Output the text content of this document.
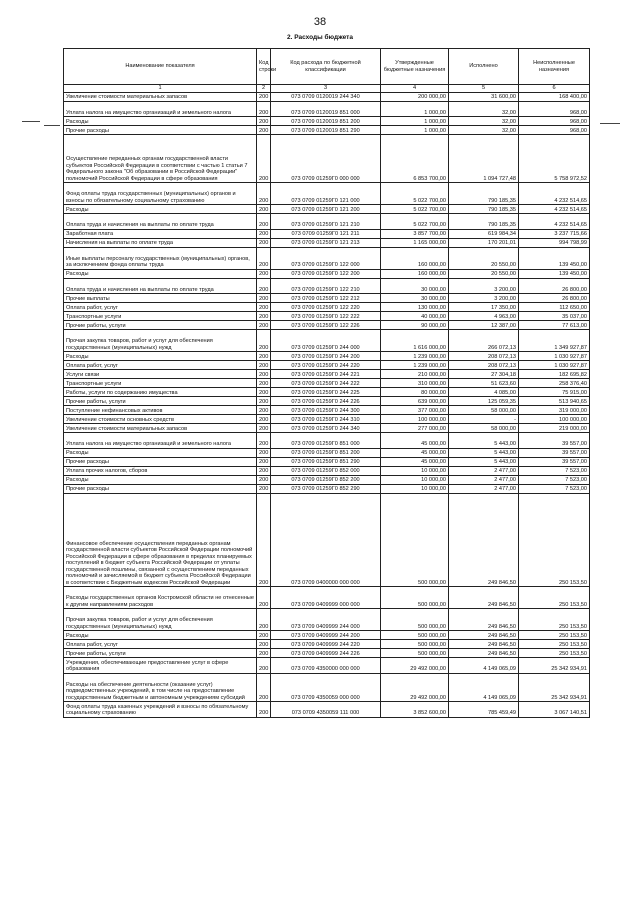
38
2. Расходы бюджета
Наименование показателя	Код строки	Код расхода по бюджетной классификации	Утвержденные бюджетные назначения	Исполнено	Неисполненные назначения
1	2	3	4	5	6
Увеличение стоимости материальных запасов	200	073 0709 0120019 244 340	200 000,00	31 600,00	168 400,00
Уплата налога на имущество организаций и земельного налога	200	073 0709 0120019 851 000	1 000,00	32,00	968,00
Расходы	200	073 0709 0120019 851 200	1 000,00	32,00	968,00
Прочие расходы	200	073 0709 0120019 851 290	1 000,00	32,00	968,00
Осуществление переданных органам государственной власти субъектов Российской Федерации в соответствии с частью 1 статьи 7 Федерального закона "Об образовании в Российской Федерации" полномочий Российской Федерации в сфере образования	200	073 0709 01259Г0 000 000	6 853 700,00	1 094 727,48	5 758 972,52
Фонд оплаты труда государственных (муниципальных) органов и взносы по обязательному социальному страхованию	200	073 0709 01259Г0 121 000	5 022 700,00	790 185,35	4 232 514,65
Расходы	200	073 0709 01259Г0 121 200	5 022 700,00	790 185,35	4 232 514,65
Оплата труда и начисления на выплаты по оплате труда	200	073 0709 01259Г0 121 210	5 022 700,00	790 185,35	4 232 514,65
Заработная плата	200	073 0709 01259Г0 121 211	3 857 700,00	619 984,34	3 237 715,66
Начисления на выплаты по оплате труда	200	073 0709 01259Г0 121 213	1 165 000,00	170 201,01	994 798,99
Иные выплаты персоналу государственных (муниципальных) органов, за исключением фонда оплаты труда	200	073 0709 01259Г0 122 000	160 000,00	20 550,00	139 450,00
Расходы	200	073 0709 01259Г0 122 200	160 000,00	20 550,00	139 450,00
Оплата труда и начисления на выплаты по оплате труда	200	073 0709 01259Г0 122 210	30 000,00	3 200,00	26 800,00
Прочие выплаты	200	073 0709 01259Г0 122 212	30 000,00	3 200,00	26 800,00
Оплата работ, услуг	200	073 0709 01259Г0 122 220	130 000,00	17 350,00	112 650,00
Транспортные услуги	200	073 0709 01259Г0 122 222	40 000,00	4 963,00	35 037,00
Прочие работы, услуги	200	073 0709 01259Г0 122 226	90 000,00	12 387,00	77 613,00
Прочая закупка товаров, работ и услуг для обеспечения государственных (муниципальных) нужд	200	073 0709 01259Г0 244 000	1 616 000,00	266 072,13	1 349 927,87
Расходы	200	073 0709 01259Г0 244 200	1 239 000,00	208 072,13	1 030 927,87
Оплата работ, услуг	200	073 0709 01259Г0 244 220	1 239 000,00	208 072,13	1 030 927,87
Услуги связи	200	073 0709 01259Г0 244 221	210 000,00	27 304,18	182 695,82
Транспортные услуги	200	073 0709 01259Г0 244 222	310 000,00	51 623,60	258 376,40
Работы, услуги по содержанию имущества	200	073 0709 01259Г0 244 225	80 000,00	4 085,00	75 915,00
Прочие работы, услуги	200	073 0709 01259Г0 244 226	639 000,00	125 059,35	513 940,65
Поступление нефинансовых активов	200	073 0709 01259Г0 244 300	377 000,00	58 000,00	319 000,00
Увеличение стоимости основных средств	200	073 0709 01259Г0 244 310	100 000,00	-	100 000,00
Увеличение стоимости материальных запасов	200	073 0709 01259Г0 244 340	277 000,00	58 000,00	219 000,00
Уплата налога на имущество организаций и земельного налога	200	073 0709 01259Г0 851 000	45 000,00	5 443,00	39 557,00
Расходы	200	073 0709 01259Г0 851 200	45 000,00	5 443,00	39 557,00
Прочие расходы	200	073 0709 01259Г0 851 290	45 000,00	5 443,00	39 557,00
Уплата прочих налогов, сборов	200	073 0709 01259Г0 852 000	10 000,00	2 477,00	7 523,00
Расходы	200	073 0709 01259Г0 852 200	10 000,00	2 477,00	7 523,00
Прочие расходы	200	073 0709 01259Г0 852 290	10 000,00	2 477,00	7 523,00
Финансовое обеспечение осуществления переданных органам государственной власти субъектов Российской Федерации полномочий Российской Федерации в сфере образования в пределах планируемых поступлений в бюджет субъекта Российской Федерации от уплаты государственной пошлины, связанной с осуществлением переданных полномочий и зачисляемой в бюджет субъекта Российской Федерации в соответствии с Бюджетным кодексом Российской Федерации	200	073 0709 0400000 000 000	500 000,00	249 846,50	250 153,50
Расходы государственных органов Костромской области не отнесенные к другим направлениям расходов	200	073 0709 0409999 000 000	500 000,00	249 846,50	250 153,50
Прочая закупка товаров, работ и услуг для обеспечения государственных (муниципальных) нужд	200	073 0709 0409999 244 000	500 000,00	249 846,50	250 153,50
Расходы	200	073 0709 0409999 244 200	500 000,00	249 846,50	250 153,50
Оплата работ, услуг	200	073 0709 0409999 244 220	500 000,00	249 846,50	250 153,50
Прочие работы, услуги	200	073 0709 0409999 244 226	500 000,00	249 846,50	250 153,50
Учреждения, обеспечивающие предоставление услуг в сфере образования	200	073 0709 4350000 000 000	29 492 000,00	4 149 065,09	25 342 934,91
Расходы на обеспечение деятельности (оказание услуг) подведомственных учреждений, в том числе на предоставление государственным бюджетным и автономным учреждениям субсидий	200	073 0709 4350059 000 000	29 492 000,00	4 149 065,09	25 342 934,91
Фонд оплаты труда казенных учреждений и взносы по обязательному социальному страхованию	200	073 0709 4350059 111 000	3 852 600,00	785 459,49	3 067 140,51
